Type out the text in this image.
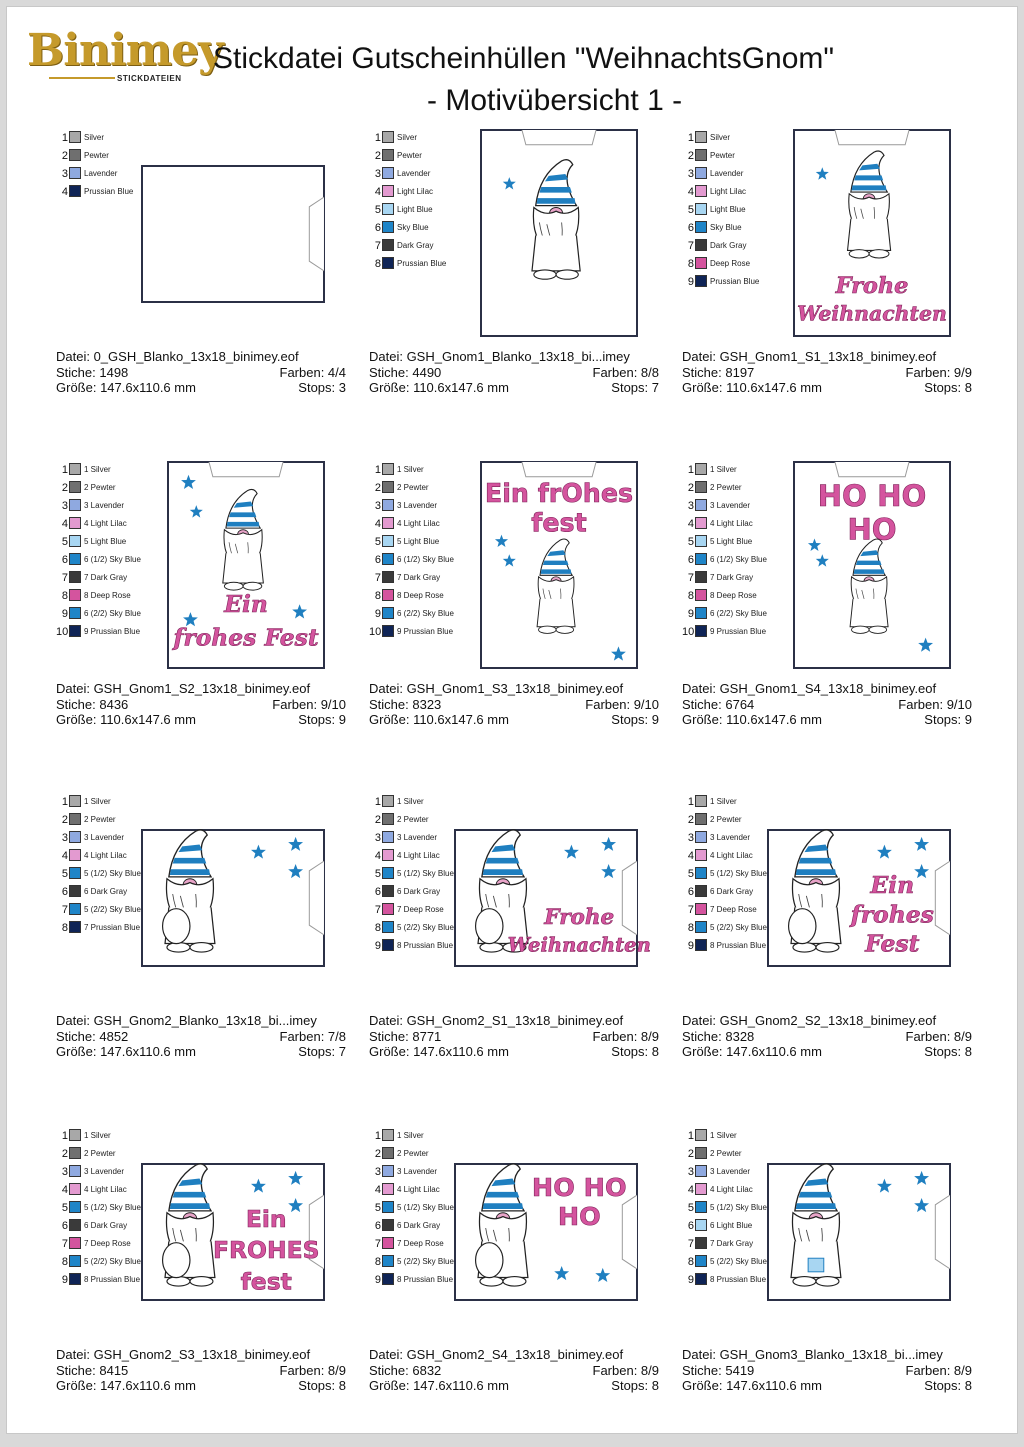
Binimey
STICKDATEIEN
Stickdatei Gutscheinhüllen "WeihnachtsGnom"
- Motivübersicht 1 -
1 Silver
2 Pewter
3 Lavender
4 Prussian Blue
Datei: 0_GSH_Blanko_13x18_binimey.eof
Stiche: 1498	Farben: 4/4
Größe: 147.6x110.6 mm	Stops: 3
1 Silver
2 Pewter
3 Lavender
4 Light Lilac
5 Light Blue
6 Sky Blue
7 Dark Gray
8 Prussian Blue
Datei: GSH_Gnom1_Blanko_13x18_bi...imey
Stiche: 4490	Farben: 8/8
Größe: 110.6x147.6 mm	Stops: 7
1 Silver
2 Pewter
3 Lavender
4 Light Lilac
5 Light Blue
6 Sky Blue
7 Dark Gray
8 Deep Rose
9 Prussian Blue	Frohe
Weihnachten
Datei: GSH_Gnom1_S1_13x18_binimey.eof
Stiche: 8197	Farben: 9/9
Größe: 110.6x147.6 mm	Stops: 8
1 1 Silver
2 2 Pewter
3 3 Lavender
4 4 Light Lilac
5 5 Light Blue
6 6 (1/2) Sky Blue
7 7 Dark Gray
8 8 Deep Rose
9 6 (2/2) Sky Blue
10 9 Prussian Blue
Ein
frohes Fest
Datei: GSH_Gnom1_S2_13x18_binimey.eof
Stiche: 8436	Farben: 9/10
Größe: 110.6x147.6 mm	Stops: 9
1 1 Silver
2 2 Pewter
3 3 Lavender
4 4 Light Lilac
5 5 Light Blue
6 6 (1/2) Sky Blue
7 7 Dark Gray
8 8 Deep Rose
9 6 (2/2) Sky Blue
10 9 Prussian Blue
Ein frOhes
fest
Datei: GSH_Gnom1_S3_13x18_binimey.eof
Stiche: 8323	Farben: 9/10
Größe: 110.6x147.6 mm	Stops: 9
1 1 Silver
2 2 Pewter
3 3 Lavender
4 4 Light Lilac
5 5 Light Blue
6 6 (1/2) Sky Blue
7 7 Dark Gray
8 8 Deep Rose
9 6 (2/2) Sky Blue
10 9 Prussian Blue
HO HO
HO
Datei: GSH_Gnom1_S4_13x18_binimey.eof
Stiche: 6764	Farben: 9/10
Größe: 110.6x147.6 mm	Stops: 9
1 1 Silver
2 2 Pewter
3 3 Lavender
4 4 Light Lilac
5 5 (1/2) Sky Blue
6 6 Dark Gray
7 5 (2/2) Sky Blue
8 7 Prussian Blue
Datei: GSH_Gnom2_Blanko_13x18_bi...imey
Stiche: 4852	Farben: 7/8
Größe: 147.6x110.6 mm	Stops: 7
1 1 Silver
2 2 Pewter
3 3 Lavender
4 4 Light Lilac
5 5 (1/2) Sky Blue
6 6 Dark Gray
7 7 Deep Rose
8 5 (2/2) Sky Blue
9 8 Prussian Blue
Frohe
Weihnachten
Datei: GSH_Gnom2_S1_13x18_binimey.eof
Stiche: 8771	Farben: 8/9
Größe: 147.6x110.6 mm	Stops: 8
1 1 Silver
2 2 Pewter
3 3 Lavender
4 4 Light Lilac
5 5 (1/2) Sky Blue
6 6 Dark Gray
7 7 Deep Rose
8 5 (2/2) Sky Blue
9 8 Prussian Blue
Ein
frohes
Fest
Datei: GSH_Gnom2_S2_13x18_binimey.eof
Stiche: 8328	Farben: 8/9
Größe: 147.6x110.6 mm	Stops: 8
1 1 Silver
2 2 Pewter
3 3 Lavender
4 4 Light Lilac
5 5 (1/2) Sky Blue
6 6 Dark Gray
7 7 Deep Rose
8 5 (2/2) Sky Blue
9 8 Prussian Blue
Ein
FROHES
fest
Datei: GSH_Gnom2_S3_13x18_binimey.eof
Stiche: 8415	Farben: 8/9
Größe: 147.6x110.6 mm	Stops: 8
1 1 Silver
2 2 Pewter
3 3 Lavender
4 4 Light Lilac
5 5 (1/2) Sky Blue
6 6 Dark Gray
7 7 Deep Rose
8 5 (2/2) Sky Blue
9 8 Prussian Blue
HO HO
HO
Datei: GSH_Gnom2_S4_13x18_binimey.eof
Stiche: 6832	Farben: 8/9
Größe: 147.6x110.6 mm	Stops: 8
1 1 Silver
2 2 Pewter
3 3 Lavender
4 4 Light Lilac
5 5 (1/2) Sky Blue
6 6 Light Blue
7 7 Dark Gray
8 5 (2/2) Sky Blue
9 8 Prussian Blue
Datei: GSH_Gnom3_Blanko_13x18_bi...imey
Stiche: 5419	Farben: 8/9
Größe: 147.6x110.6 mm	Stops: 8
